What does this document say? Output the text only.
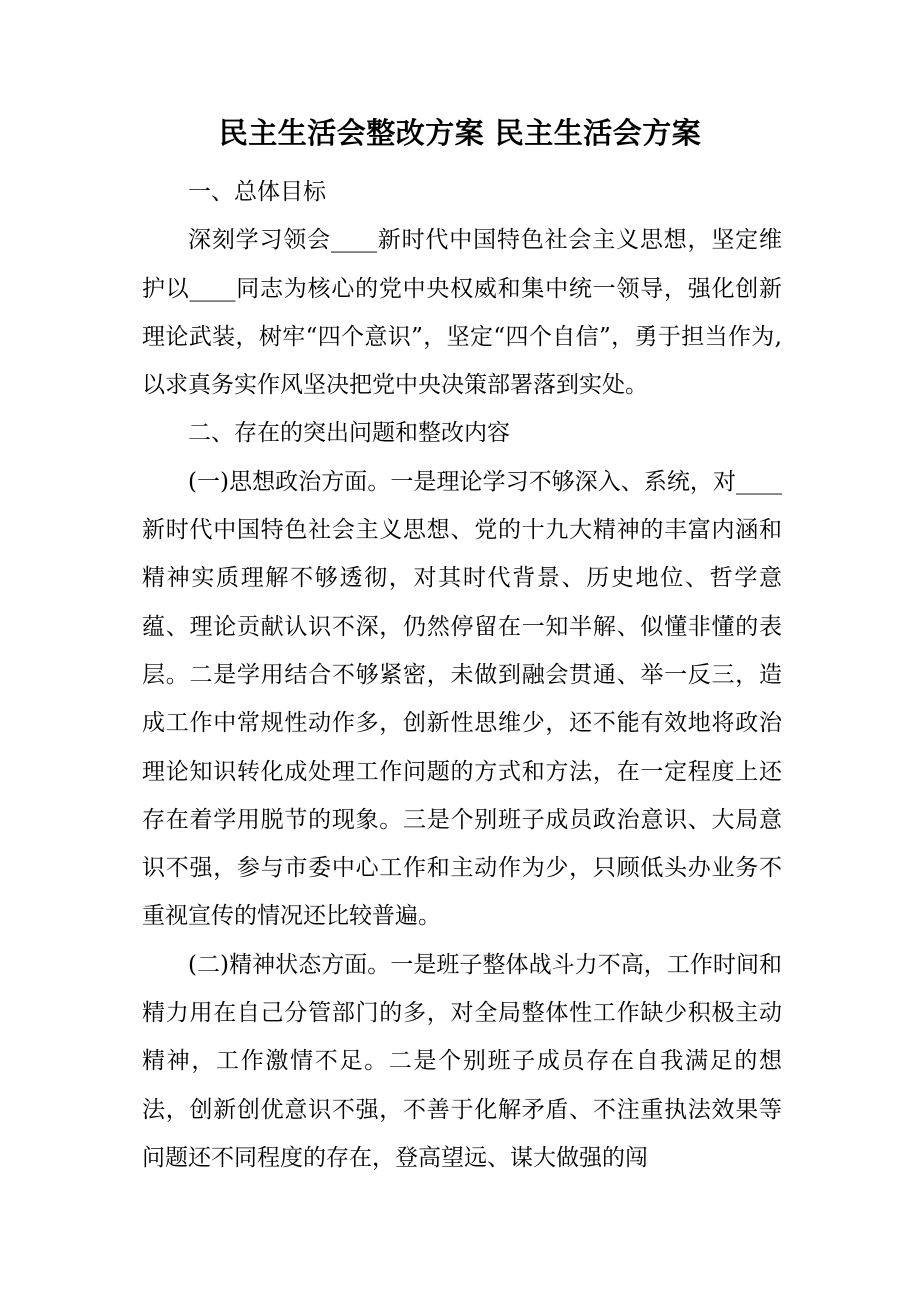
民主生活会整改方案 民主生活会方案

一、总体目标

深刻学习领会____新时代中国特色社会主义思想，坚定维护以____同志为核心的党中央权威和集中统一领导，强化创新理论武装，树牢“四个意识”，坚定“四个自信”，勇于担当作为,以求真务实作风坚决把党中央决策部署落到实处。

二、存在的突出问题和整改内容

(一)思想政治方面。一是理论学习不够深入、系统，对____新时代中国特色社会主义思想、党的十九大精神的丰富内涵和精神实质理解不够透彻，对其时代背景、历史地位、哲学意蕴、理论贡献认识不深，仍然停留在一知半解、似懂非懂的表层。二是学用结合不够紧密，未做到融会贯通、举一反三，造成工作中常规性动作多，创新性思维少，还不能有效地将政治理论知识转化成处理工作问题的方式和方法，在一定程度上还存在着学用脱节的现象。三是个别班子成员政治意识、大局意识不强，参与市委中心工作和主动作为少，只顾低头办业务不重视宣传的情况还比较普遍。

(二)精神状态方面。一是班子整体战斗力不高，工作时间和精力用在自己分管部门的多，对全局整体性工作缺少积极主动精神，工作激情不足。二是个别班子成员存在自我满足的想法，创新创优意识不强，不善于化解矛盾、不注重执法效果等问题还不同程度的存在，登高望远、谋大做强的闯
